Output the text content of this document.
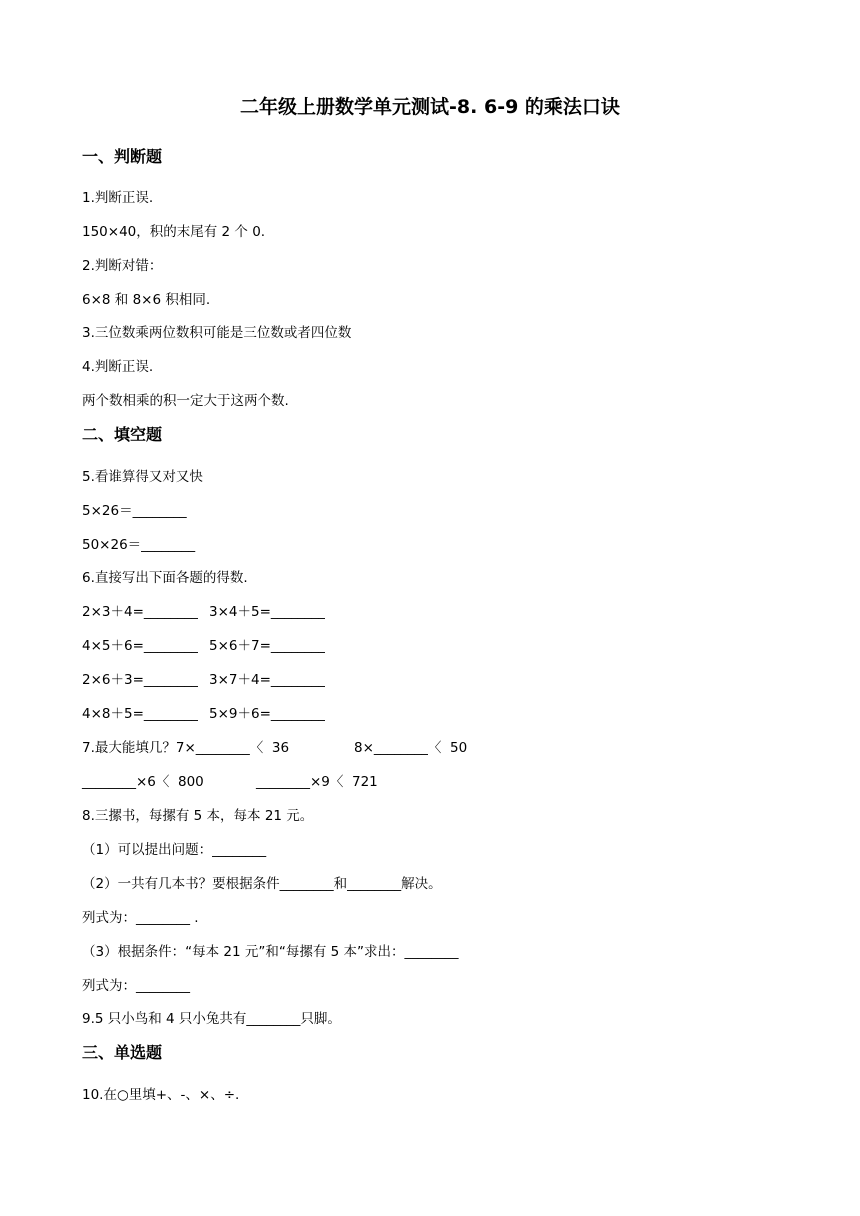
二年级上册数学单元测试-8. 6-9 的乘法口诀
一、判断题
1.判断正误.
150×40，积的末尾有 2 个 0.
2.判断对错：
6×8 和 8×6 积相同.
3.三位数乘两位数积可能是三位数或者四位数
4.判断正误.
两个数相乘的积一定大于这两个数.
二、填空题
5.看谁算得又对又快
5×26＝________
50×26＝________
6.直接写出下面各题的得数.
2×3＋4=________ 3×4＋5=________
4×5＋6=________ 5×6＋7=________
2×6＋3=________ 3×7＋4=________
4×8＋5=________ 5×9＋6=________
7.最大能填几？7×________〈  36	8×________〈  50
________×6〈  800	________×9〈  721
8.三摞书，每摞有 5 本，每本 21 元。
（1）可以提出问题：________
（2）一共有几本书？要根据条件________和________解决。
列式为：________ .
（3）根据条件：“每本 21 元”和“每摞有 5 本”求出：________
列式为：________
9.5 只小鸟和 4 只小兔共有________只脚。
三、单选题
10.在○里填+、-、×、÷.
